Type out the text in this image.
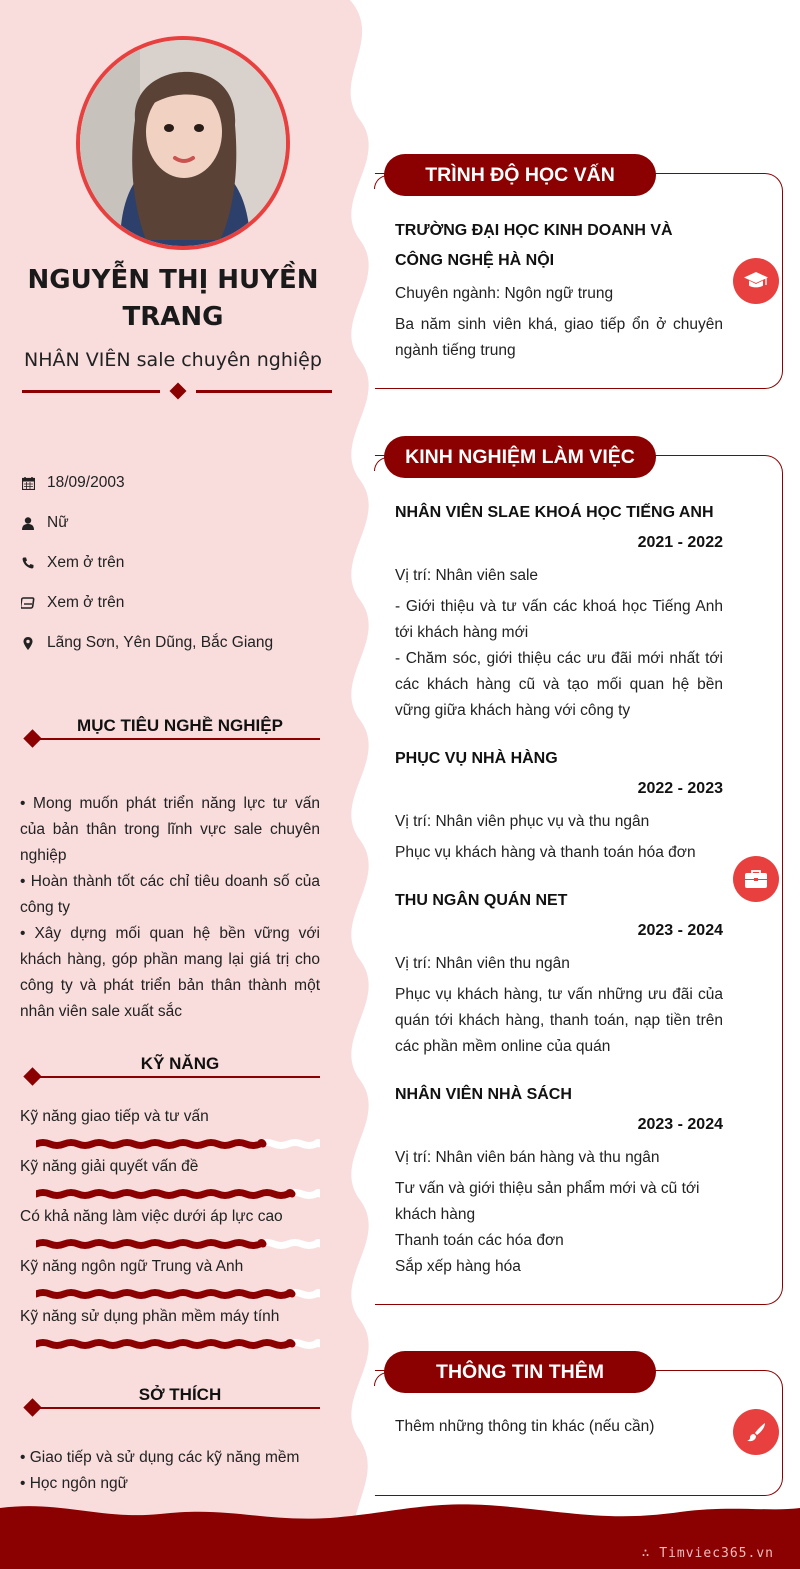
NGUYỄN THỊ HUYỀN TRANG
NHÂN VIÊN sale chuyên nghiệp
18/09/2003
Nữ
Xem ở trên
Xem ở trên
Lãng Sơn, Yên Dũng, Bắc Giang
MỤC TIÊU NGHỀ NGHIỆP

• Mong muốn phát triển năng lực tư vấn của bản thân trong lĩnh vực sale chuyên nghiệp

• Hoàn thành tốt các chỉ tiêu doanh số của công ty

• Xây dựng mối quan hệ bền vững với khách hàng, góp phần mang lại giá trị cho công ty và phát triển bản thân thành một nhân viên sale xuất sắc

KỸ NĂNG
Kỹ năng giao tiếp và tư vấn
Kỹ năng giải quyết vấn đề
Có khả năng làm việc dưới áp lực cao
Kỹ năng ngôn ngữ Trung và Anh
Kỹ năng sử dụng phần mềm máy tính
SỞ THÍCH

• Giao tiếp và sử dụng các kỹ năng mềm

• Học ngôn ngữ

TRÌNH ĐỘ HỌC VẤN
TRƯỜNG ĐẠI HỌC KINH DOANH VÀ CÔNG NGHỆ HÀ NỘI
Chuyên ngành: Ngôn ngữ trung
Ba năm sinh viên khá, giao tiếp ổn ở chuyên ngành tiếng trung
KINH NGHIỆM LÀM VIỆC
NHÂN VIÊN SLAE KHOÁ HỌC TIẾNG ANH
2021 - 2022
Vị trí: Nhân viên sale

- Giới thiệu và tư vấn các khoá học Tiếng Anh tới khách hàng mới

- Chăm sóc, giới thiệu các ưu đãi mới nhất tới các khách hàng cũ và tạo mối quan hệ bền vững giữa khách hàng với công ty

PHỤC VỤ NHÀ HÀNG
2022 - 2023
Vị trí: Nhân viên phục vụ và thu ngân

Phục vụ khách hàng và thanh toán hóa đơn

THU NGÂN QUÁN NET
2023 - 2024
Vị trí: Nhân viên thu ngân

Phục vụ khách hàng, tư vấn những ưu đãi của quán tới khách hàng, thanh toán, nạp tiền trên các phần mềm online của quán

NHÂN VIÊN NHÀ SÁCH
2023 - 2024
Vị trí: Nhân viên bán hàng và thu ngân

Tư vấn và giới thiệu sản phẩm mới và cũ tới khách hàng

Thanh toán các hóa đơn

Sắp xếp hàng hóa

THÔNG TIN THÊM
Thêm những thông tin khác (nếu cần)
∴ Timviec365.vn
